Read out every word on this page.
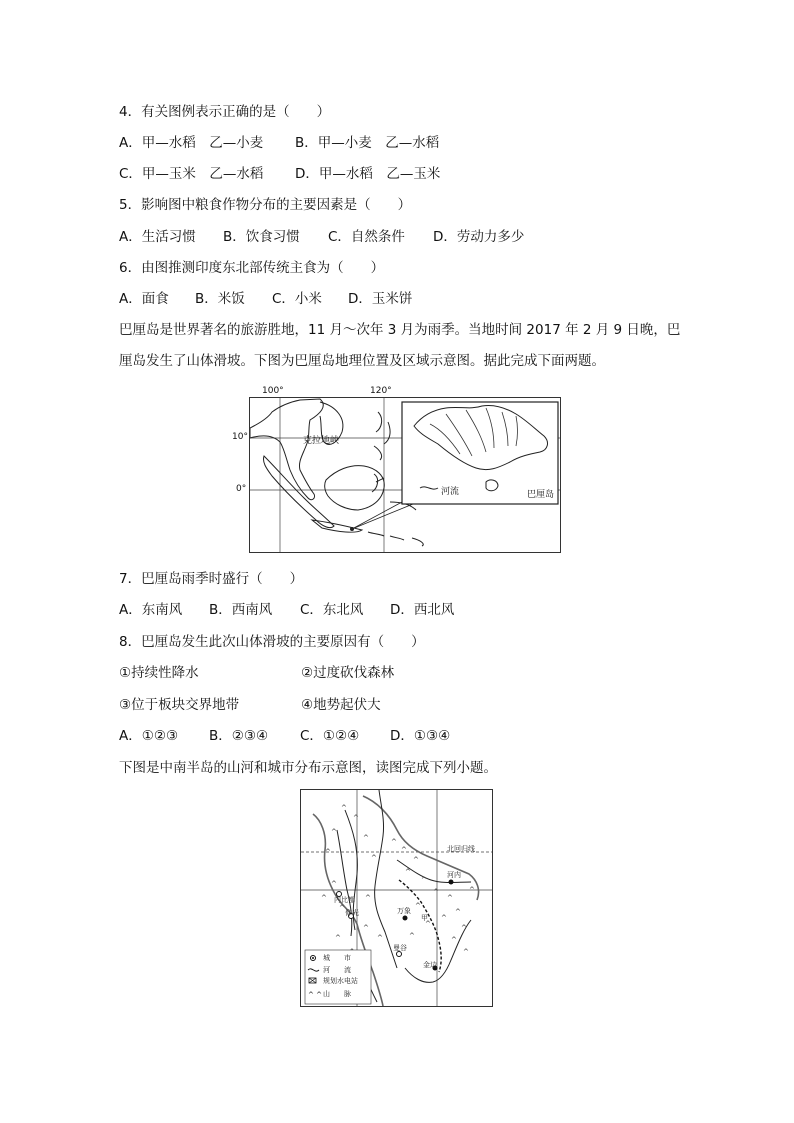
4．有关图例表示正确的是（　　）
A．甲—水稻　乙—小麦 B．甲—小麦　乙—水稻
C．甲—玉米　乙—水稻 D．甲—水稻　乙—玉米
5．影响图中粮食作物分布的主要因素是（　　）
A．生活习惯 B．饮食习惯 C．自然条件 D．劳动力多少
6．由图推测印度东北部传统主食为（　　）
A．面食 B．米饭 C．小米 D．玉米饼
巴厘岛是世界著名的旅游胜地，11 月～次年 3 月为雨季。当地时间 2017 年 2 月 9 日晚，巴
厘岛发生了山体滑坡。下图为巴厘岛地理位置及区域示意图。据此完成下面两题。
克拉地峡
河流	巴厘岛
100°	120°
10°
0°
7．巴厘岛雨季时盛行（　　）
A．东南风 B．西南风 C．东北风 D．西北风
8．巴厘岛发生此次山体滑坡的主要原因有（　　）
①持续性降水	②过度砍伐森林
③位于板块交界地带	④地势起伏大
A．①②③ B．②③④ C．①②④ D．①③④
下图是中南半岛的山河和城市分布示意图，读图完成下列小题。
^
^
^
^
^
^
^
^
^
^
^
^
^
^
^
^
^
^
^
^
^
^
^
^
^
^
^
^
^
^ ^
北回归线
河内
内比都
仰光	万象
甲
曼谷
金边
城　　市
河　　流
规划水电站
山　　脉
